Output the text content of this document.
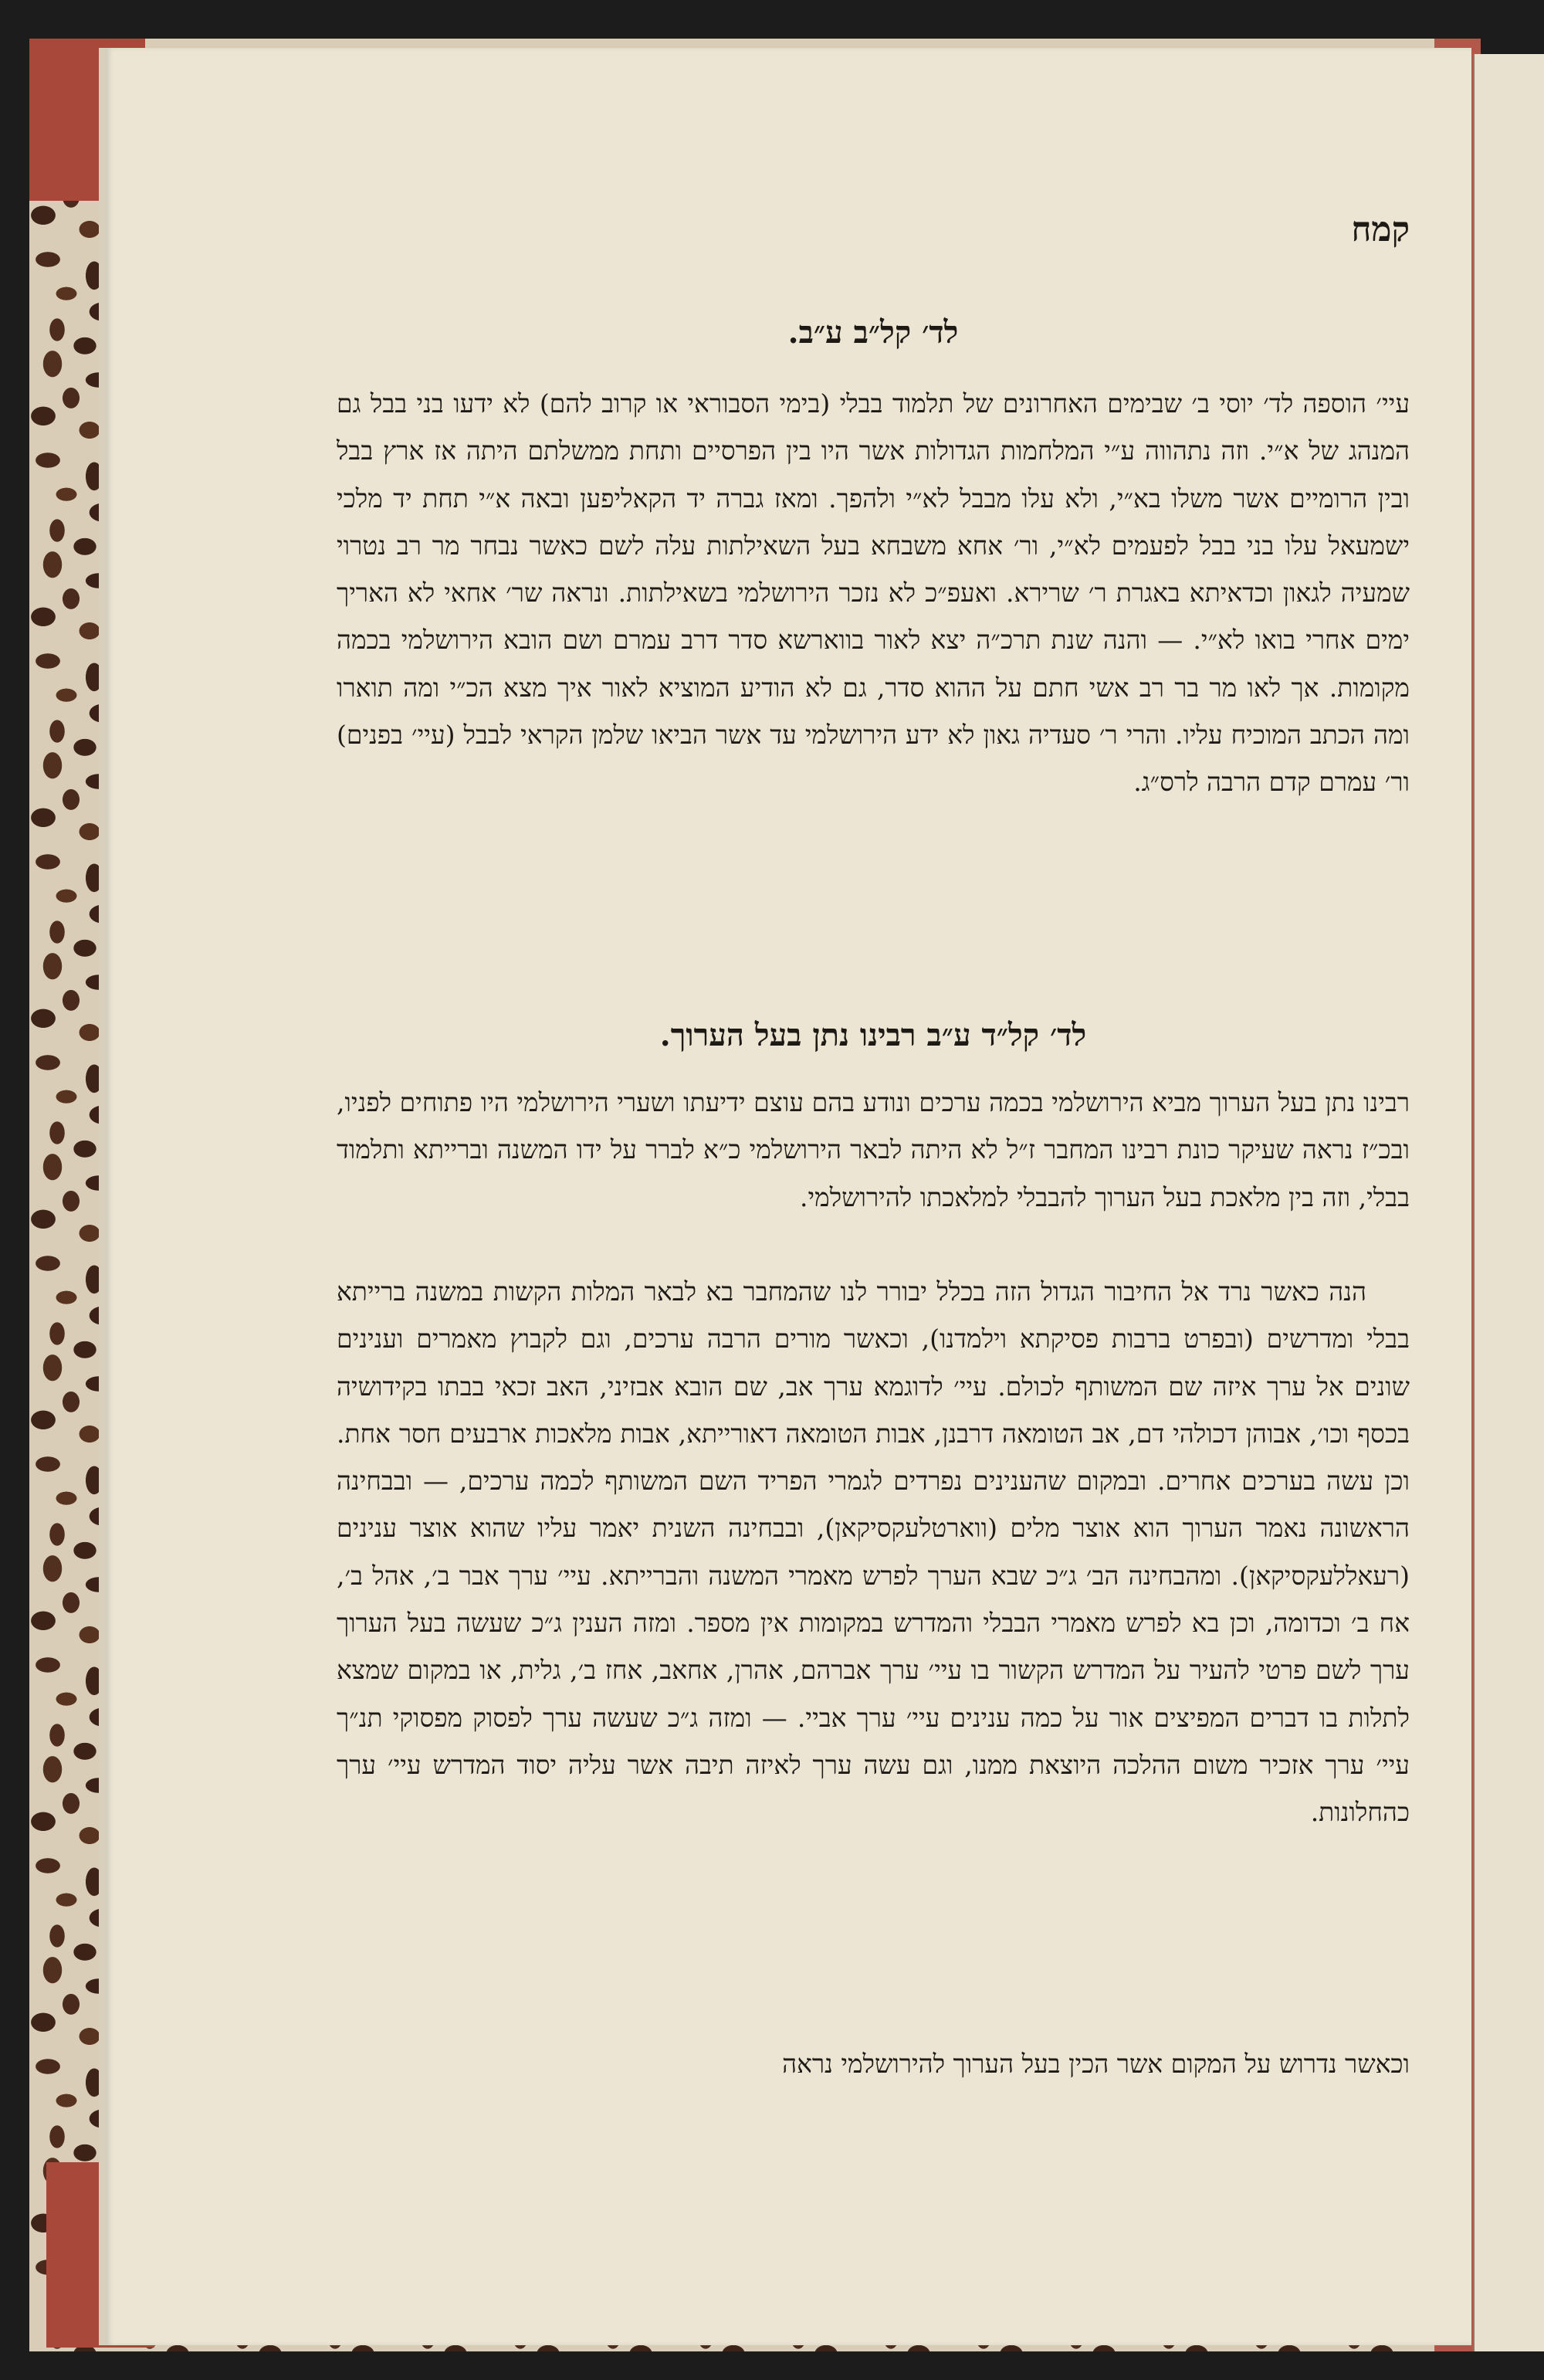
קמח
לד׳ קל״ב ע״ב.
עיי׳ הוספה לד׳ יוסי ב׳ שבימים האחרונים של תלמוד בבלי (בימי הסבוראי או קרוב להם) לא ידעו בני בבל גם המנהג של א״י. וזה נתהווה ע״י המלחמות הגדולות אשר היו בין הפרסיים ותחת ממשלתם היתה אז ארץ בבל ובין הרומיים אשר משלו בא״י, ולא עלו מבבל לא״י ולהפך. ומאז גברה יד הקאליפען ובאה א״י תחת יד מלכי ישמעאל עלו בני בבל לפעמים לא״י, ור׳ אחא משבחא בעל השאילתות עלה לשם כאשר נבחר מר רב נטרוי שמעיה לגאון וכדאיתא באגרת ר׳ שרירא. ואעפ״כ לא נזכר הירושלמי בשאילתות. ונראה שר׳ אחאי לא האריך ימים אחרי בואו לא״י. — והנה שנת תרכ״ה יצא לאור בווארשא סדר דרב עמרם ושם הובא הירושלמי בכמה מקומות. אך לאו מר בר רב אשי חתם על ההוא סדר, גם לא הודיע המוציא לאור איך מצא הכ״י ומה תוארו ומה הכתב המוכיח עליו. והרי ר׳ סעדיה גאון לא ידע הירושלמי עד אשר הביאו שלמן הקראי לבבל (עיי׳ בפנים) ור׳ עמרם קדם הרבה לרס״ג.
לד׳ קל״ד ע״ב רבינו נתן בעל הערוך.
רבינו נתן בעל הערוך מביא הירושלמי בכמה ערכים ונודע בהם עוצם ידיעתו ושערי הירושלמי היו פתוחים לפניו, ובכ״ז נראה שעיקר כונת רבינו המחבר ז״ל לא היתה לבאר הירושלמי כ״א לברר על ידו המשנה וברייתא ותלמוד בבלי, וזה בין מלאכת בעל הערוך להבבלי למלאכתו להירושלמי.
הנה כאשר נרד אל החיבור הגדול הזה בכלל יבורר לנו שהמחבר בא לבאר המלות הקשות במשנה ברייתא בבלי ומדרשים (ובפרט ברבות פסיקתא וילמדנו), וכאשר מורים הרבה ערכים, וגם לקבוץ מאמרים וענינים שונים אל ערך איזה שם המשותף לכולם. עיי׳ לדוגמא ערך אב, שם הובא אבזיני, האב זכאי בבתו בקידושיה בכסף וכו׳, אבוהן דכולהי דם, אב הטומאה דרבנן, אבות הטומאה דאורייתא, אבות מלאכות ארבעים חסר אחת. וכן עשה בערכים אחרים. ובמקום שהענינים נפרדים לגמרי הפריד השם המשותף לכמה ערכים, — ובבחינה הראשונה נאמר הערוך הוא אוצר מלים (ווארטלעקסיקאן), ובבחינה השנית יאמר עליו שהוא אוצר ענינים (רעאללעקסיקאן). ומהבחינה הב׳ ג״כ שבא הערך לפרש מאמרי המשנה והברייתא. עיי׳ ערך אבר ב׳, אהל ב׳, אח ב׳ וכדומה, וכן בא לפרש מאמרי הבבלי והמדרש במקומות אין מספר. ומזה הענין ג״כ שעשה בעל הערוך ערך לשם פרטי להעיר על המדרש הקשור בו עיי׳ ערך אברהם, אהרן, אחאב, אחז ב׳, גלית, או במקום שמצא לתלות בו דברים המפיצים אור על כמה ענינים עיי׳ ערך אביי. — ומזה ג״כ שעשה ערך לפסוק מפסוקי תנ״ך עיי׳ ערך אזכיר משום ההלכה היוצאת ממנו, וגם עשה ערך לאיזה תיבה אשר עליה יסוד המדרש עיי׳ ערך כהחלונות.
וכאשר נדרוש על המקום אשר הכין בעל הערוך להירושלמי נראה
